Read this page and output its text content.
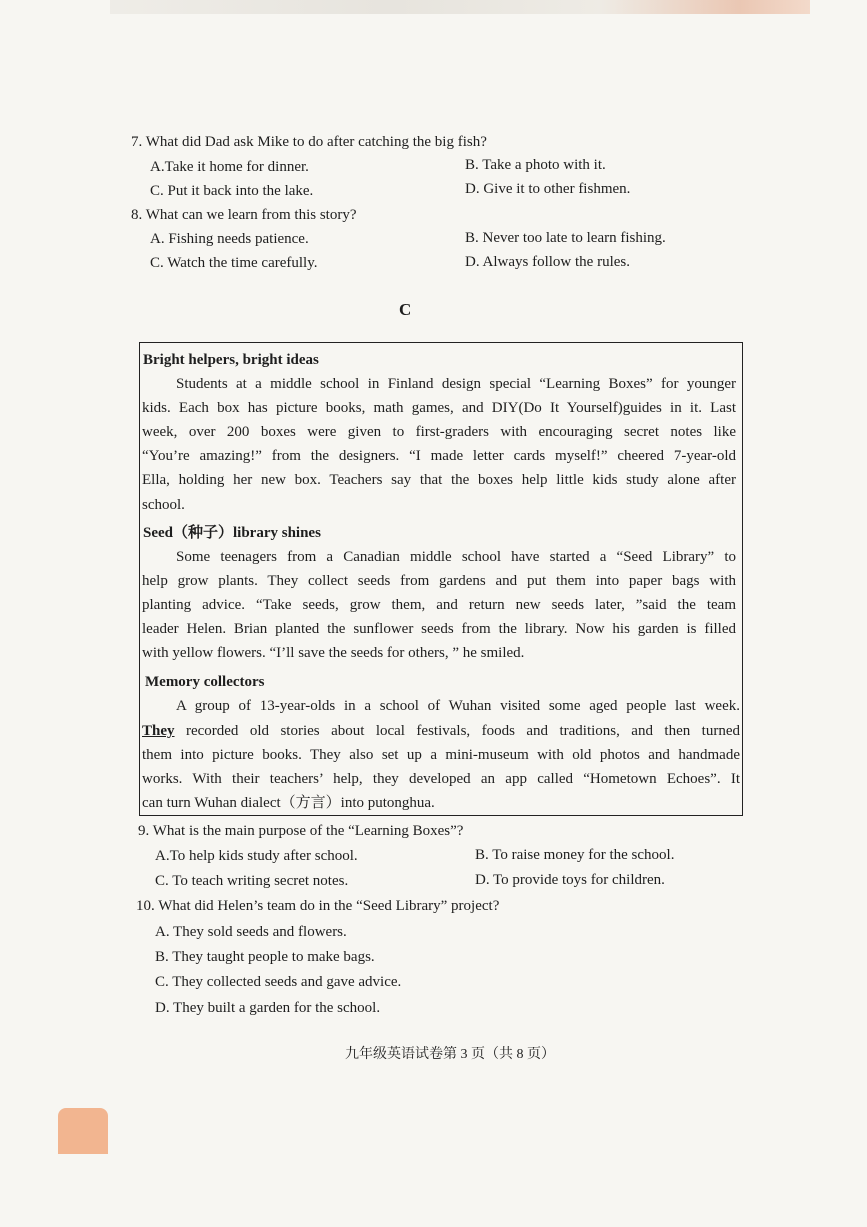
7. What did Dad ask Mike to do after catching the big fish?
A.Take it home for dinner.	B. Take a photo with it.
C. Put it back into the lake.	D. Give it to other fishmen.
8. What can we learn from this story?
A. Fishing needs patience.	B. Never too late to learn fishing.
C. Watch the time carefully.	D. Always follow the rules.
C
Bright helpers, bright ideas
Students at a middle school in Finland design special “Learning Boxes” for younger
kids. Each box has picture books, math games, and DIY(Do It Yourself)guides in it. Last
week, over 200 boxes were given to first-graders with encouraging secret notes like
“You’re amazing!” from the designers. “I made letter cards myself!” cheered 7-year-old
Ella, holding her new box. Teachers say that the boxes help little kids study alone after
school.
Seed（种子）library shines
Some teenagers from a Canadian middle school have started a “Seed Library” to
help grow plants. They collect seeds from gardens and put them into paper bags with
planting advice. “Take seeds, grow them, and return new seeds later, ”said the team
leader Helen. Brian planted the sunflower seeds from the library. Now his garden is filled
with yellow flowers. “I’ll save the seeds for others, ” he smiled.
Memory collectors
A group of 13-year-olds in a school of Wuhan visited some aged people last week.
They recorded old stories about local festivals, foods and traditions, and then turned
them into picture books. They also set up a mini-museum with old photos and handmade
works. With their teachers’ help, they developed an app called “Hometown Echoes”. It
can turn Wuhan dialect（方言）into putonghua.
9. What is the main purpose of the “Learning Boxes”?
A.To help kids study after school.	B. To raise money for the school.
C. To teach writing secret notes.	D. To provide toys for children.
10. What did Helen’s team do in the “Seed Library” project?
A. They sold seeds and flowers.
B. They taught people to make bags.
C. They collected seeds and gave advice.
D. They built a garden for the school.
九年级英语试卷第 3 页（共 8 页）
